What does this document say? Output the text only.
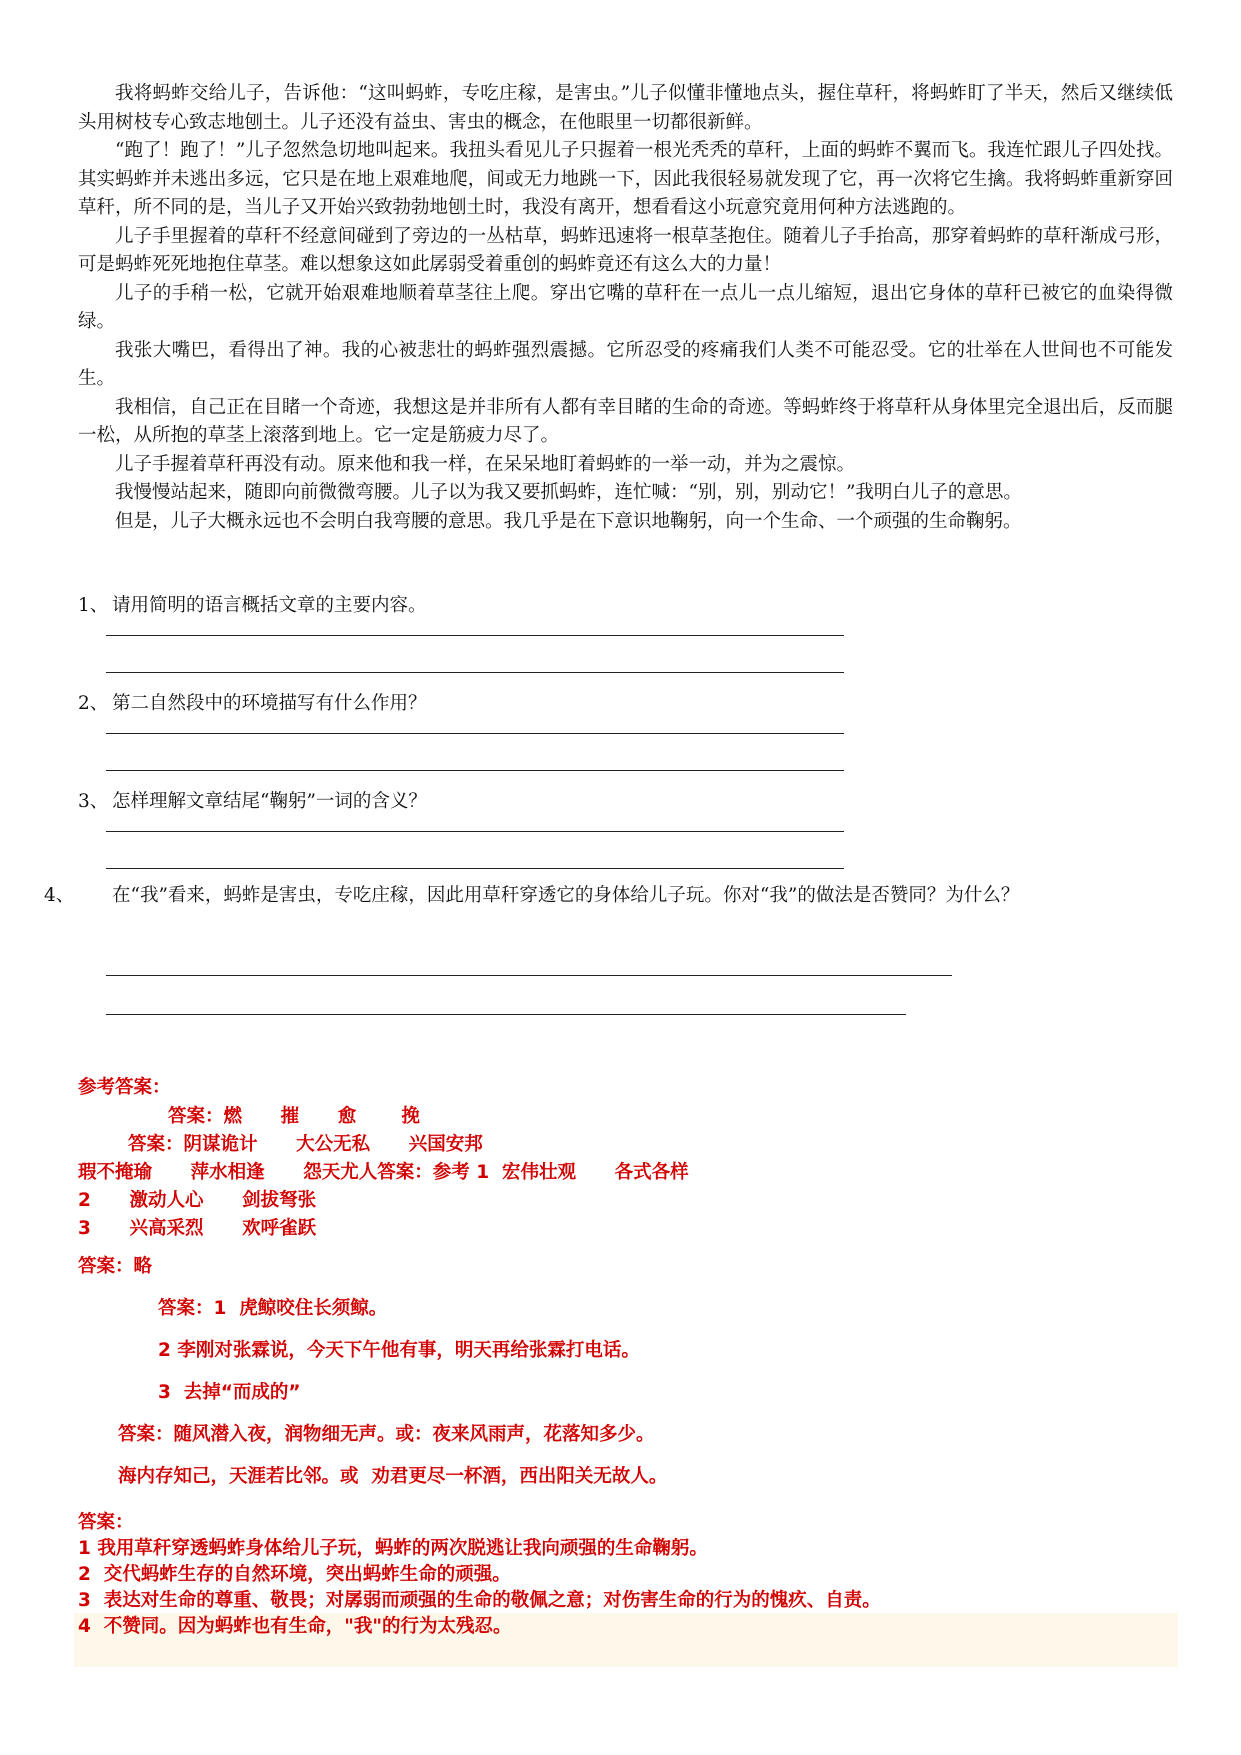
我将蚂蚱交给儿子，告诉他：“这叫蚂蚱，专吃庄稼，是害虫。”儿子似懂非懂地点头，握住草秆，将蚂蚱盯了半天，然后又继续低头用树枝专心致志地刨土。儿子还没有益虫、害虫的概念，在他眼里一切都很新鲜。

“跑了！跑了！”儿子忽然急切地叫起来。我扭头看见儿子只握着一根光秃秃的草秆，上面的蚂蚱不翼而飞。我连忙跟儿子四处找。其实蚂蚱并未逃出多远，它只是在地上艰难地爬，间或无力地跳一下，因此我很轻易就发现了它，再一次将它生擒。我将蚂蚱重新穿回草秆，所不同的是，当儿子又开始兴致勃勃地刨土时，我没有离开，想看看这小玩意究竟用何种方法逃跑的。

儿子手里握着的草秆不经意间碰到了旁边的一丛枯草，蚂蚱迅速将一根草茎抱住。随着儿子手抬高，那穿着蚂蚱的草秆渐成弓形，可是蚂蚱死死地抱住草茎。难以想象这如此孱弱受着重创的蚂蚱竟还有这么大的力量！

儿子的手稍一松，它就开始艰难地顺着草茎往上爬。穿出它嘴的草秆在一点儿一点儿缩短，退出它身体的草秆已被它的血染得微绿。

我张大嘴巴，看得出了神。我的心被悲壮的蚂蚱强烈震撼。它所忍受的疼痛我们人类不可能忍受。它的壮举在人世间也不可能发生。

我相信，自己正在目睹一个奇迹，我想这是并非所有人都有幸目睹的生命的奇迹。等蚂蚱终于将草秆从身体里完全退出后，反而腿一松，从所抱的草茎上滚落到地上。它一定是筋疲力尽了。

儿子手握着草秆再没有动。原来他和我一样，在呆呆地盯着蚂蚱的一举一动，并为之震惊。

我慢慢站起来，随即向前微微弯腰。儿子以为我又要抓蚂蚱，连忙喊：“别，别，别动它！”我明白儿子的意思。

但是，儿子大概永远也不会明白我弯腰的意思。我几乎是在下意识地鞠躬，向一个生命、一个顽强的生命鞠躬。

1、 请用简明的语言概括文章的主要内容。
2、 第二自然段中的环境描写有什么作用？
3、 怎样理解文章结尾“鞠躬”一词的含义？
4、 在“我”看来，蚂蚱是害虫，专吃庄稼，因此用草秆穿透它的身体给儿子玩。你对“我”的做法是否赞同？为什么？
参考答案：
答案：燃      摧      愈       挽
答案：阴谋诡计      大公无私      兴国安邦
瑕不掩瑜      萍水相逢      怨天尤人答案：参考 1  宏伟壮观      各式各样
2      激动人心      剑拔弩张
3      兴高采烈      欢呼雀跃
答案：略
答案：1  虎鲸咬住长须鲸。
2 李刚对张霖说，今天下午他有事，明天再给张霖打电话。
3  去掉“而成的”
答案：随风潜入夜，润物细无声。或：夜来风雨声，花落知多少。
海内存知己，天涯若比邻。或  劝君更尽一杯酒，西出阳关无故人。
答案：
1 我用草秆穿透蚂蚱身体给儿子玩，蚂蚱的两次脱逃让我向顽强的生命鞠躬。
2  交代蚂蚱生存的自然环境，突出蚂蚱生命的顽强。
3  表达对生命的尊重、敬畏；对孱弱而顽强的生命的敬佩之意；对伤害生命的行为的愧疚、自责。
4  不赞同。因为蚂蚱也有生命，"我"的行为太残忍。
